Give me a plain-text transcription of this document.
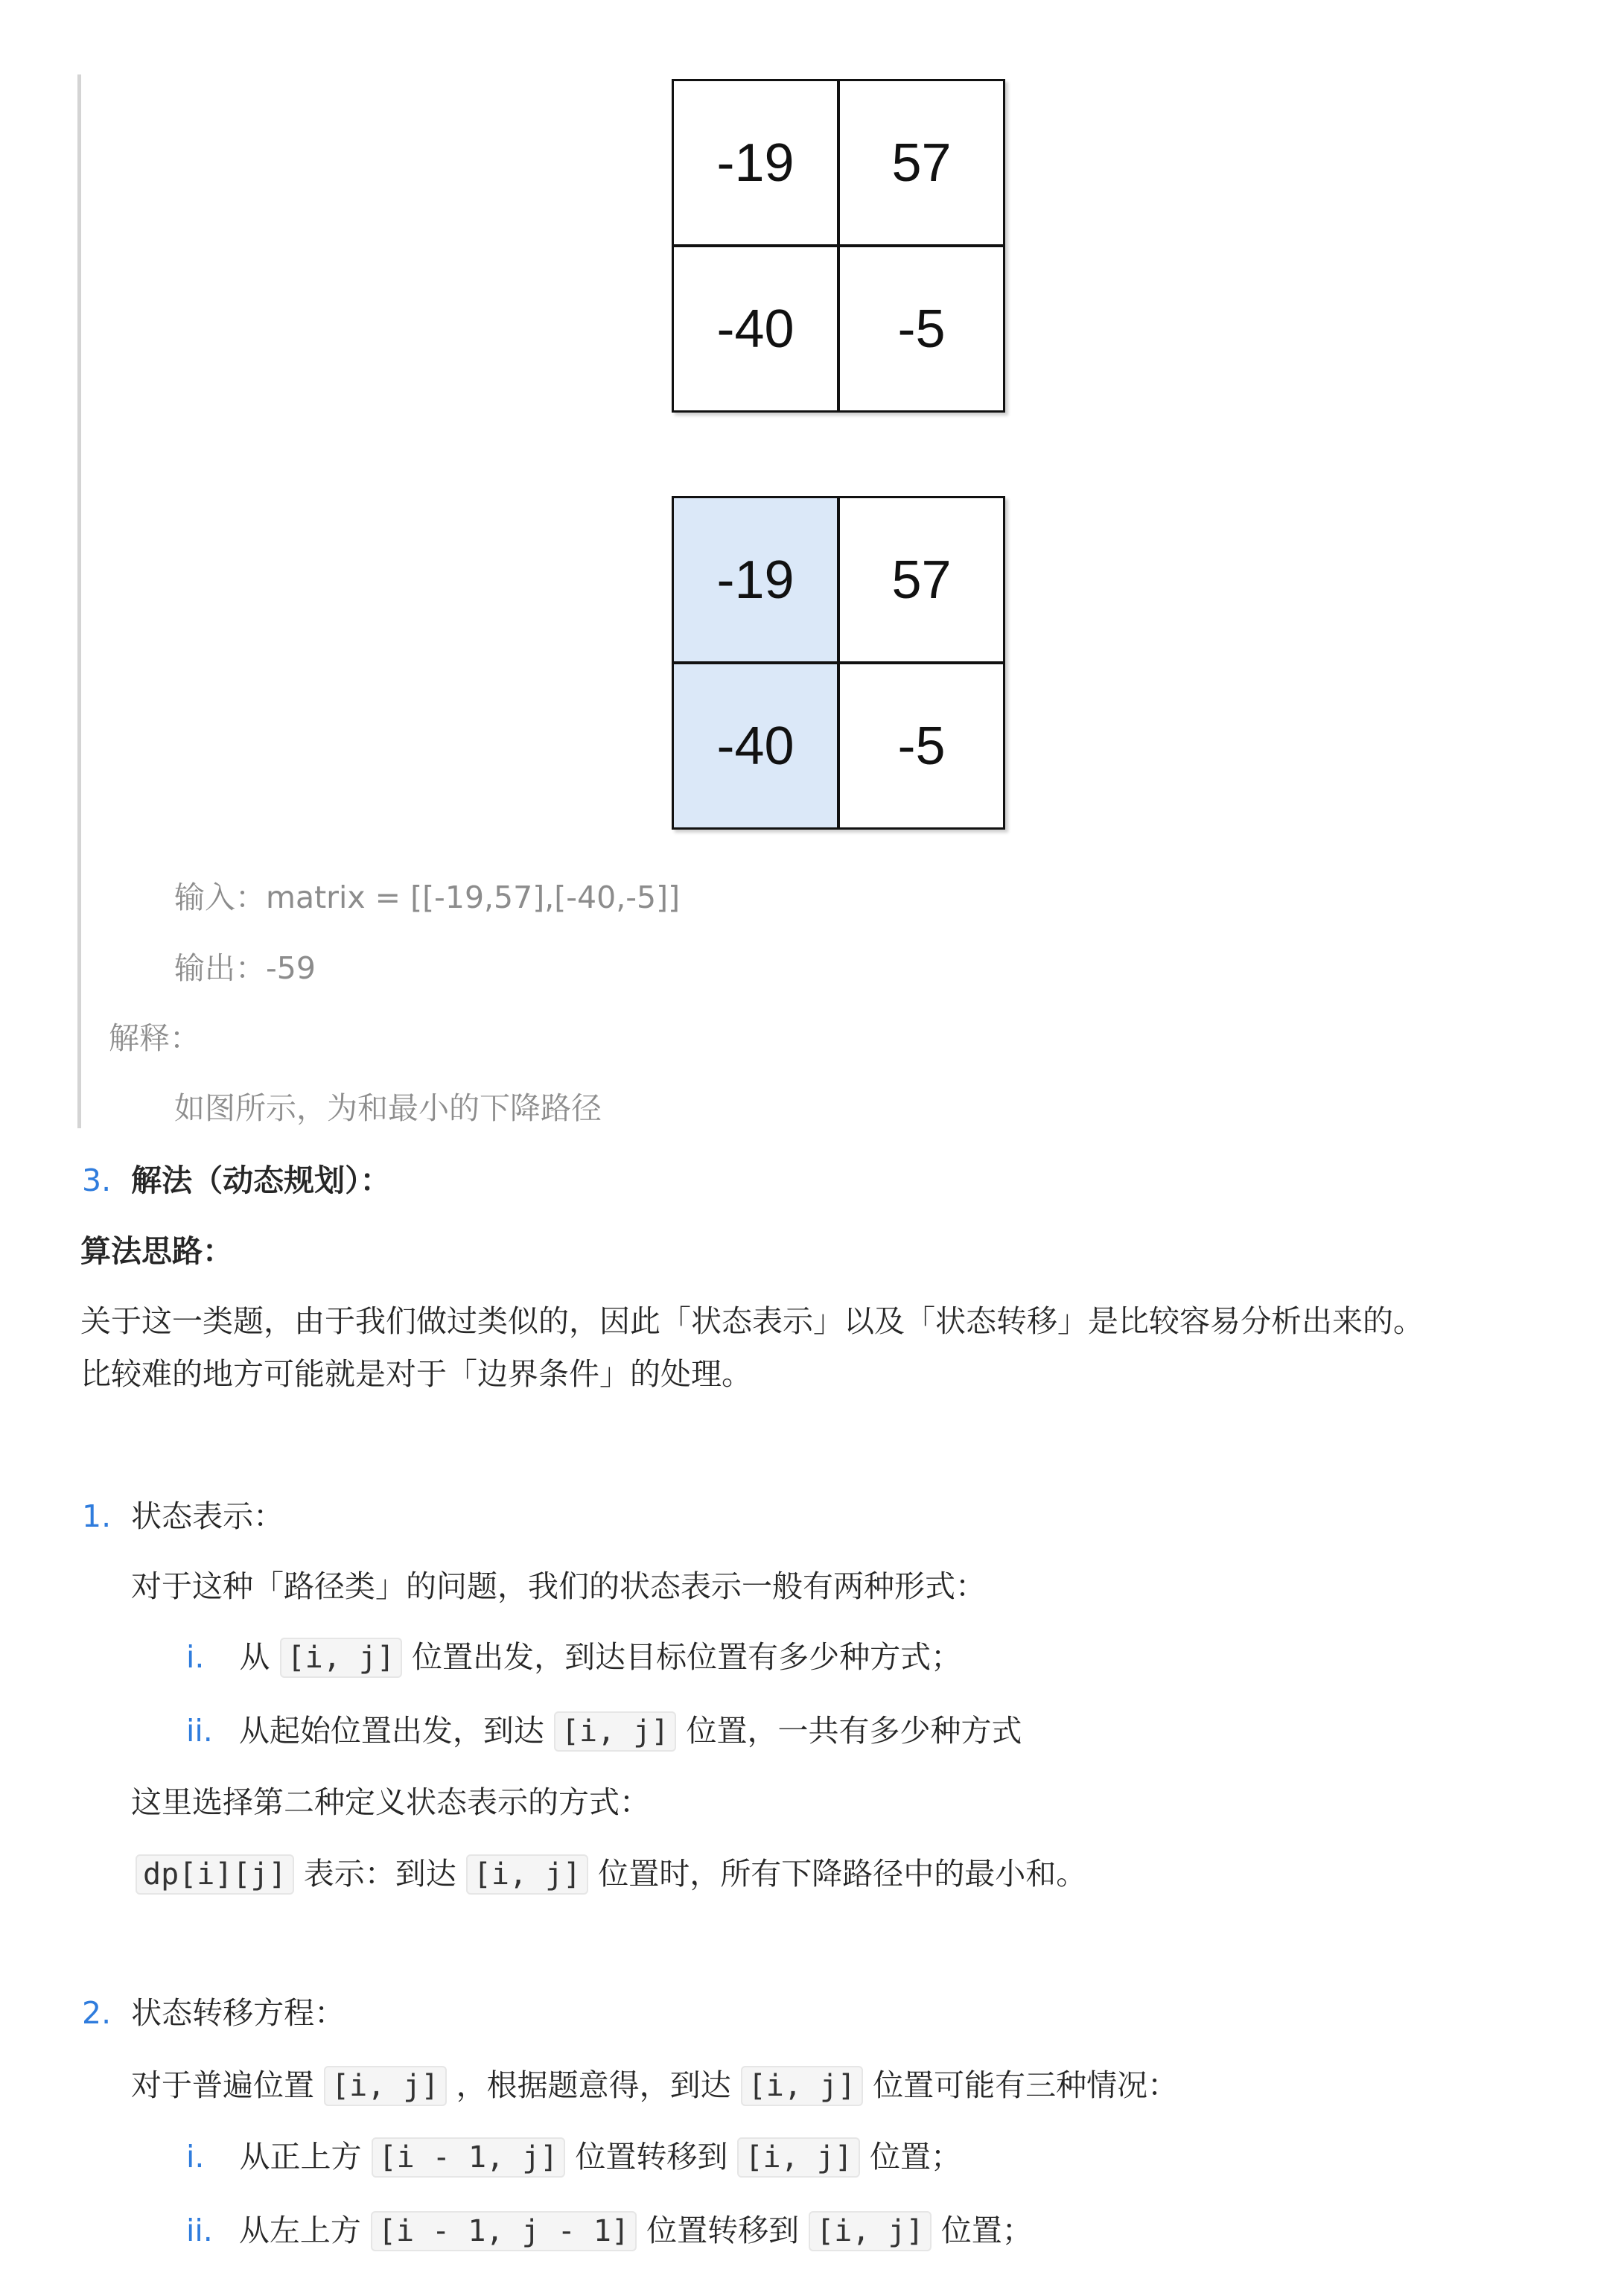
-19	57
-40	-5
-19	57
-40	-5
输入：matrix = [[-19,57],[-40,-5]]
输出：-59
解释：
如图所示，为和最小的下降路径
3. 解法（动态规划）：
算法思路：
关于这一类题，由于我们做过类似的，因此「状态表示」以及「状态转移」是比较容易分析出来的。
比较难的地方可能就是对于「边界条件」的处理。
1. 状态表示：
对于这种「路径类」的问题，我们的状态表示一般有两种形式：
i. 从 [i, j] 位置出发，到达目标位置有多少种方式；
ii. 从起始位置出发，到达 [i, j] 位置，一共有多少种方式
这里选择第二种定义状态表示的方式：
dp[i][j] 表示：到达 [i, j] 位置时，所有下降路径中的最小和。
2. 状态转移方程：
对于普遍位置 [i, j] ，根据题意得，到达 [i, j] 位置可能有三种情况：
i. 从正上方 [i - 1, j] 位置转移到 [i, j] 位置；
ii. 从左上方 [i - 1, j - 1] 位置转移到 [i, j] 位置；
